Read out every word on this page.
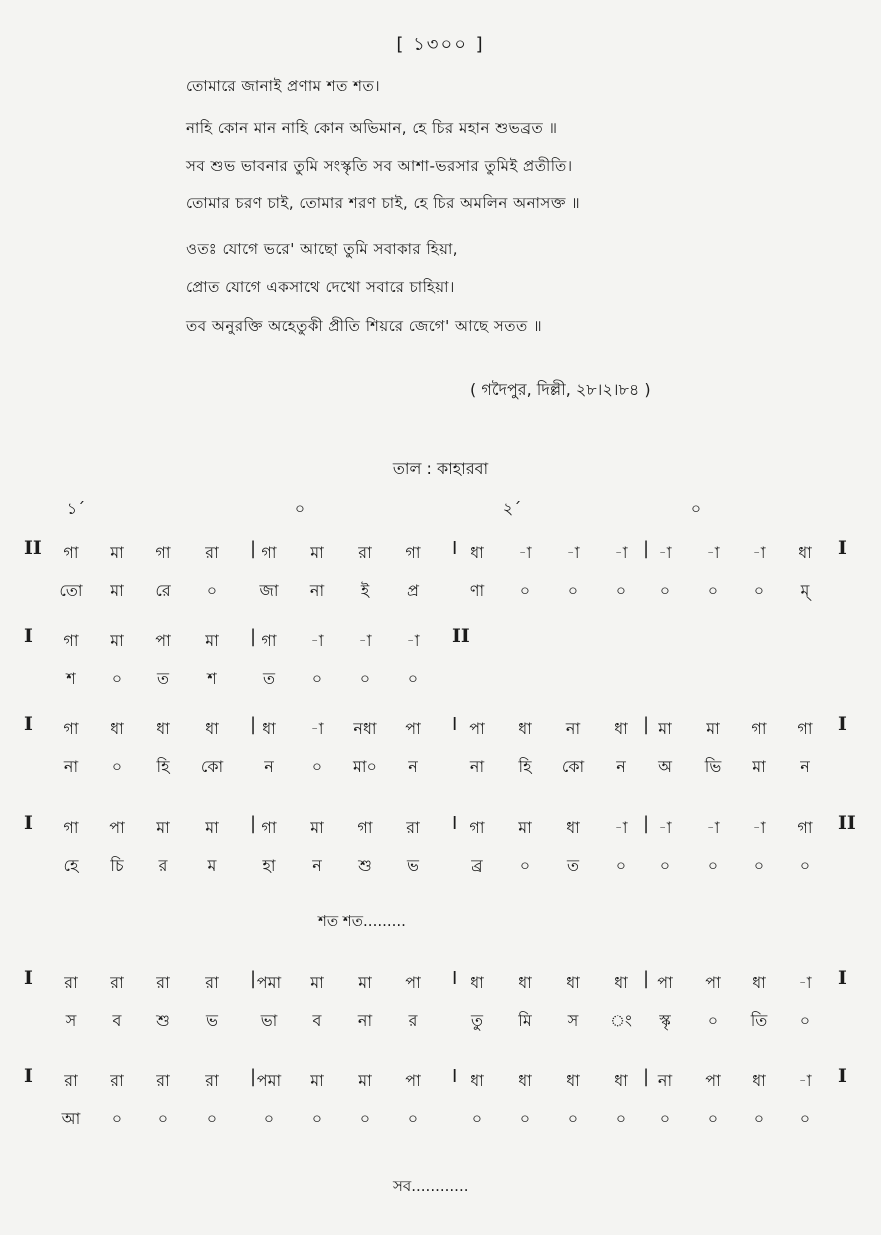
[ ১৩০০ ]
তোমারে জানাই প্রণাম শত শত।
নাহি কোন মান নাহি কোন অভিমান, হে চির মহান শুভব্রত ॥
সব শুভ ভাবনার তুমি সংস্কৃতি সব আশা-ভরসার তুমিই প্রতীতি।
তোমার চরণ চাই, তোমার শরণ চাই, হে চির অমলিন অনাসক্ত ॥
ওতঃ যোগে ভরে' আছো তুমি সবাকার হিয়া,
প্রোত যোগে একসাথে দেখো সবারে চাহিয়া।
তব অনুরক্তি অহেতুকী প্রীতি শিয়রে জেগে' আছে সতত ॥
( গদৈপুর, দিল্লী, ২৮।২।৮৪ )
তাল : কাহারবা
১´	০	২´	০
II	গা	মা	গা	রা	| গা	মা	রা	গা	I ধা	-া	-া	-া | -া	-া	-া	ধা	I
তো	মা	রে	০	জা	না	ই	প্র	ণা	০	০	০	০	০	০	ম্
I	গা	মা	পা	মা	| গা	-া	-া	-া	II
শ	০	ত	শ	ত	০	০	০
I	গা	ধা	ধা	ধা	| ধা	-া	নধা	পা	I পা	ধা	না	ধা | মা	মা	গা	গা	I
না	০	হি	কো	ন	০	মা০	ন	না	হি	কো	ন	অ	ভি	মা	ন
I	গা	পা	মা	মা	| গা	মা	গা	রা	I গা	মা	ধা	-া | -া	-া	-া	গা	II
হে	চি	র	ম	হা	ন	শু	ভ	ব্র	০	ত	০	০	০	০	০
I	রা	রা	রা	রা	| পমা	মা	মা	পা	I ধা	ধা	ধা	ধা | পা	পা	ধা	-া	I
স	ব	শু	ভ	ভা	ব	না	র	তু	মি	স	ং	স্কৃ	০	তি	০
I	রা	রা	রা	রা	| পমা	মা	মা	পা	I ধা	ধা	ধা	ধা | না	পা	ধা	-া	I
আ	০	০	০	০	০	০	০	০	০	০	০	০	০	০	০
শত শত.........
সব............
